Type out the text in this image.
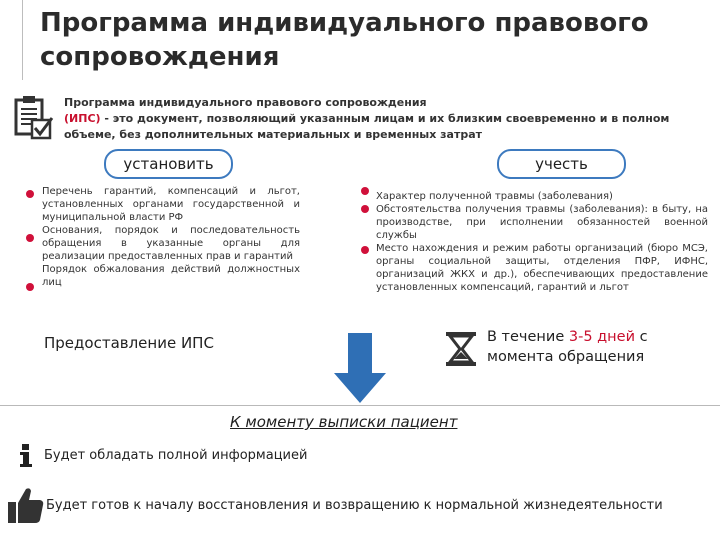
Программа индивидуального правового сопровождения
Программа индивидуального правового сопровождения
(ИПС) - это документ, позволяющий указанным лицам и их близким своевременно и в полном объеме, без дополнительных материальных и временных затрат
установить	учесть
Перечень гарантий, компенсаций и льгот, установленных органами государственной и муниципальной власти РФ
Основания, порядок и последовательность обращения в указанные органы для реализации предоставленных прав и гарантий
Порядок обжалования действий должностных лиц
Характер полученной травмы (заболевания)
Обстоятельства получения травмы (заболевания): в быту, на производстве, при исполнении обязанностей военной службы
Место нахождения и режим работы организаций (бюро МСЭ, органы социальной защиты, отделения ПФР, ИФНС, организаций ЖКХ и др.), обеспечивающих предоставление установленных компенсаций, гарантий и льгот
Предоставление ИПС	В течение 3-5 дней с момента обращения
К моменту выписки пациент
Будет обладать полной информацией
Будет готов к началу восстановления и возвращению к нормальной жизнедеятельности
